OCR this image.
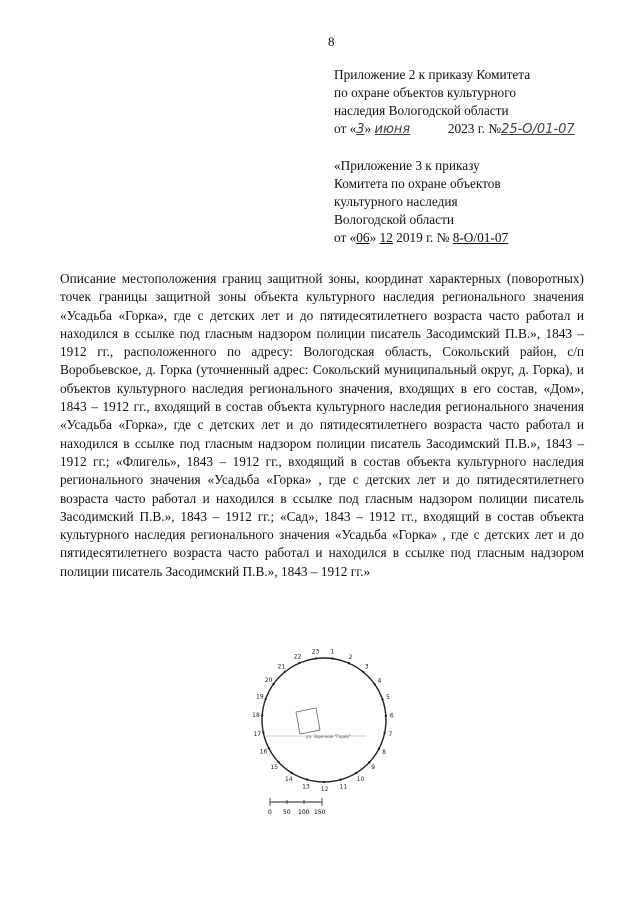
8
Приложение 2 к приказу Комитета
по охране объектов культурного
наследия Вологодской области
от «3» июня	2023 г. №25-О/01-07
«Приложение 3 к приказу
Комитета по охране объектов
культурного наследия
Вологодской области
от «06» 12 2019 г. № 8-О/01-07
Описание местоположения границ защитной зоны, координат характерных (поворотных) точек границы защитной зоны объекта культурного наследия регионального значения «Усадьба «Горка», где с детских лет и до пятидесятилетнего возраста часто работал и находился в ссылке под гласным надзором полиции писатель Засодимский П.В.», 1843 – 1912 гг., расположенного по адресу: Вологодская область, Сокольский район, с/п Воробьевское, д. Горка (уточненный адрес: Сокольский муниципальный округ, д. Горка), и объектов культурного наследия регионального значения, входящих в его состав, «Дом», 1843 – 1912 гг., входящий в состав объекта культурного наследия регионального значения «Усадьба «Горка», где с детских лет и до пятидесятилетнего возраста часто работал и находился в ссылке под гласным надзором полиции писатель Засодимский П.В.», 1843 – 1912 гг.; «Флигель», 1843 – 1912 гг., входящий в состав объекта культурного наследия регионального значения «Усадьба «Горка» , где с детских лет и до пятидесятилетнего возраста часто работал и находился в ссылке под гласным надзором полиции писатель Засодимский П.В.», 1843 – 1912 гг.; «Сад», 1843 – 1912 гг., входящий в состав объекта культурного наследия регионального значения «Усадьба «Горка» , где с детских лет и до пятидесятилетнего возраста часто работал и находился в ссылке под гласным надзором полиции писатель Засодимский П.В.», 1843 – 1912 гг.»
ул. Заречная "Горка"
1
2
3
4
5
6
7
8
9
10
11
12
13
14
15
16
17
18
19
20
21
22
23
0 50 100 150
